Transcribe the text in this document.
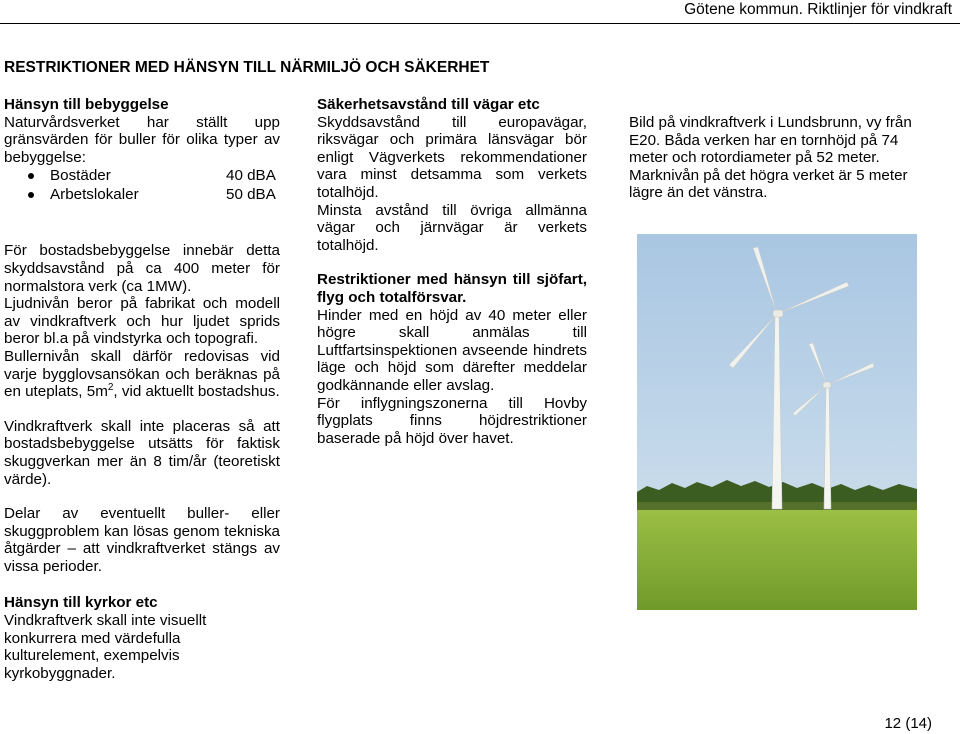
Götene kommun. Riktlinjer för vindkraft
RESTRIKTIONER MED HÄNSYN TILL NÄRMILJÖ OCH SÄKERHET

Hänsyn till bebyggelse

Naturvårdsverket har ställt upp gränsvärden för buller för olika typer av bebyggelse:

Bostäder	40 dBA
Arbetslokaler	50 dBA

För bostadsbebyggelse innebär detta skyddsavstånd på ca 400 meter för normalstora verk (ca 1MW).

Ljudnivån beror på fabrikat och modell av vindkraftverk och hur ljudet sprids beror bl.a på vindstyrka och topografi.

Bullernivån skall därför redovisas vid varje bygglovsansökan och beräknas på en uteplats, $5m^2$, vid aktuellt bostadshus.

Vindkraftverk skall inte placeras så att bostadsbebyggelse utsätts för faktisk skuggverkan mer än 8 tim/år (teoretiskt värde).

Delar av eventuellt buller- eller skuggproblem kan lösas genom tekniska åtgärder – att vindkraftverket stängs av vissa perioder.

Hänsyn till kyrkor etc

Vindkraftverk skall inte visuellt konkurrera med värdefulla kulturelement, exempelvis kyrkobyggnader.

Säkerhetsavstånd till vägar etc

Skyddsavstånd till europavägar, riksvägar och primära länsvägar bör enligt Vägverkets rekommendationer vara minst detsamma som verkets totalhöjd.

Minsta avstånd till övriga allmänna vägar och järnvägar är verkets totalhöjd.

Restriktioner med hänsyn till sjöfart, flyg och totalförsvar.

Hinder med en höjd av 40 meter eller högre skall anmälas till Luftfartsinspektionen avseende hindrets läge och höjd som därefter meddelar godkännande eller avslag.

För inflygningszonerna till Hovby flygplats finns höjdrestriktioner baserade på höjd över havet.

Bild på vindkraftverk i Lundsbrunn, vy från E20. Båda verken har en tornhöjd på 74 meter och rotordiameter på 52 meter. Marknivån på det högra verket är 5 meter lägre än det vänstra.

12 (14)
